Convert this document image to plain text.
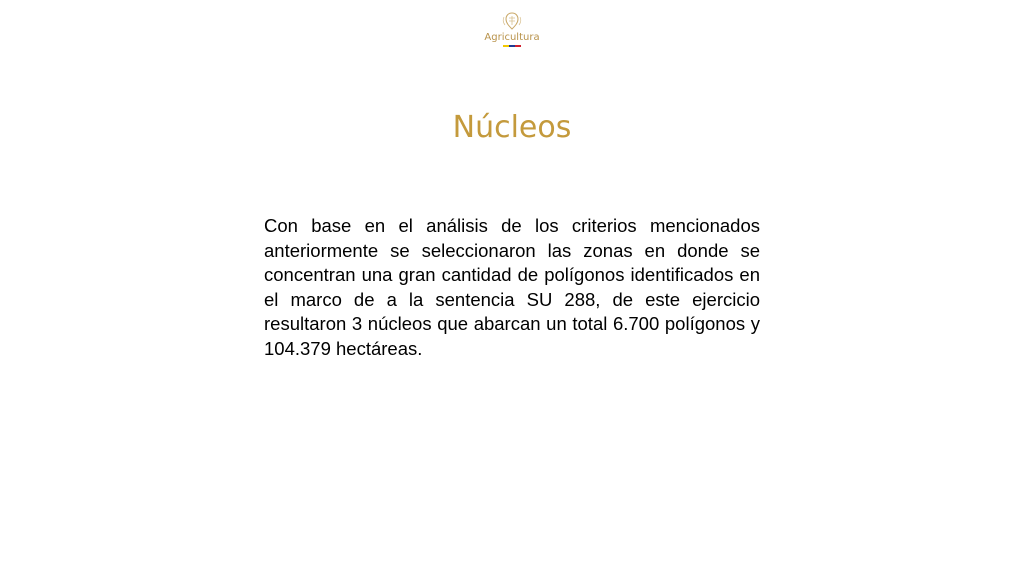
Agricultura
Núcleos

Con base en el análisis de los criterios mencionados anteriormente se seleccionaron las zonas en donde se concentran una gran cantidad de polígonos identificados en el marco de a la sentencia SU 288, de este ejercicio resultaron 3 núcleos que abarcan un total 6.700 polígonos y 104.379 hectáreas.
